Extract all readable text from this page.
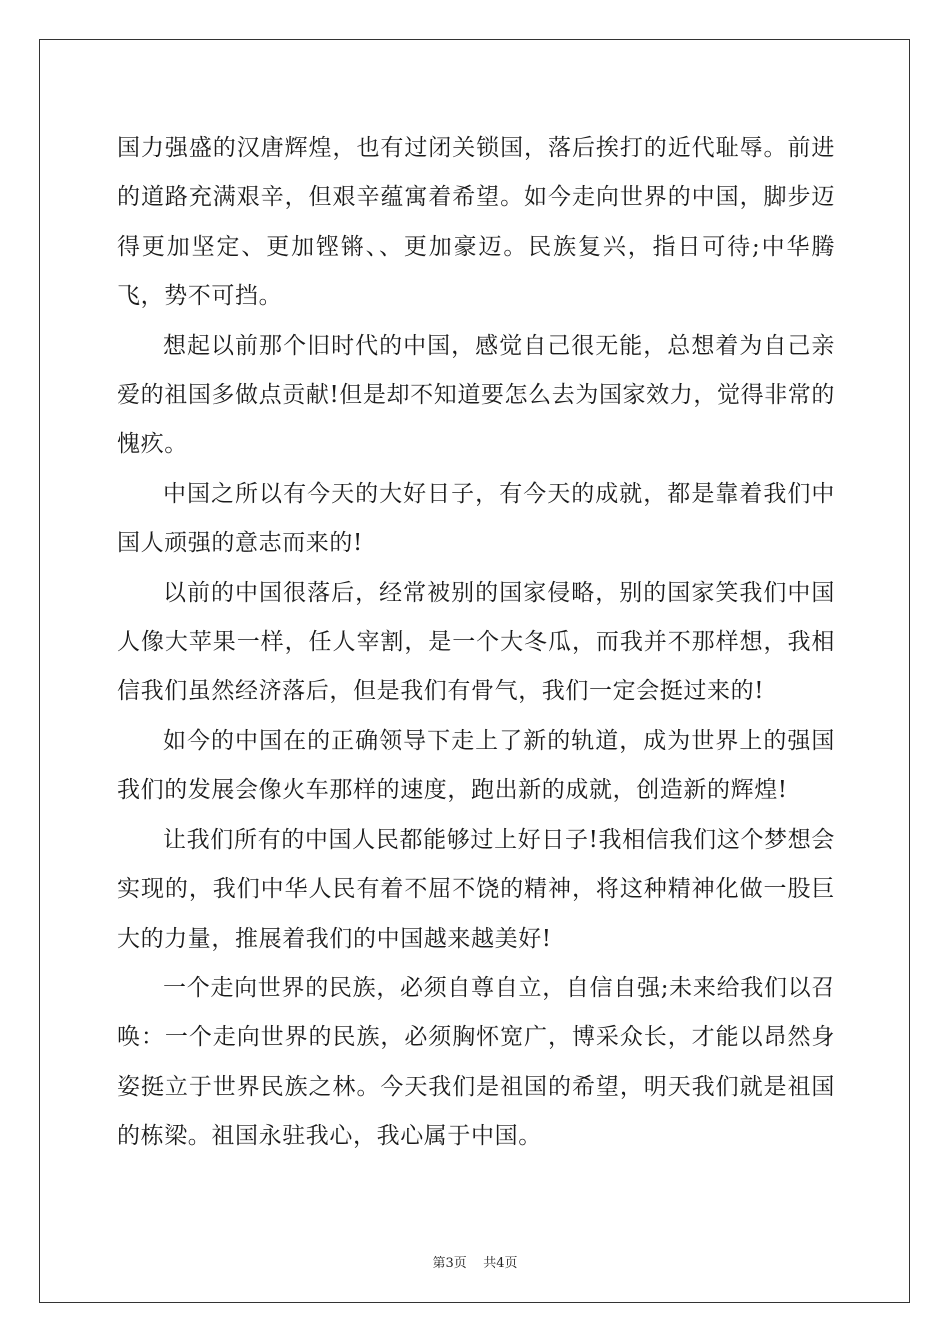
国力强盛的汉唐辉煌，也有过闭关锁国，落后挨打的近代耻辱。前进的道路充满艰辛，但艰辛蕴寓着希望。如今走向世界的中国，脚步迈得更加坚定、更加铿锵、、更加豪迈。民族复兴，指日可待;中华腾飞，势不可挡。

想起以前那个旧时代的中国，感觉自己很无能，总想着为自己亲爱的祖国多做点贡献!但是却不知道要怎么去为国家效力，觉得非常的愧疚。

中国之所以有今天的大好日子，有今天的成就，都是靠着我们中国人顽强的意志而来的!

以前的中国很落后，经常被别的国家侵略，别的国家笑我们中国人像大苹果一样，任人宰割，是一个大冬瓜，而我并不那样想，我相信我们虽然经济落后，但是我们有骨气，我们一定会挺过来的!

如今的中国在的正确领导下走上了新的轨道，成为世界上的强国我们的发展会像火车那样的速度，跑出新的成就，创造新的辉煌!

让我们所有的中国人民都能够过上好日子!我相信我们这个梦想会实现的，我们中华人民有着不屈不饶的精神，将这种精神化做一股巨大的力量，推展着我们的中国越来越美好!

一个走向世界的民族，必须自尊自立，自信自强;未来给我们以召唤：一个走向世界的民族，必须胸怀宽广，博采众长，才能以昂然身姿挺立于世界民族之林。今天我们是祖国的希望，明天我们就是祖国的栋梁。祖国永驻我心，我心属于中国。

第3页    共4页
